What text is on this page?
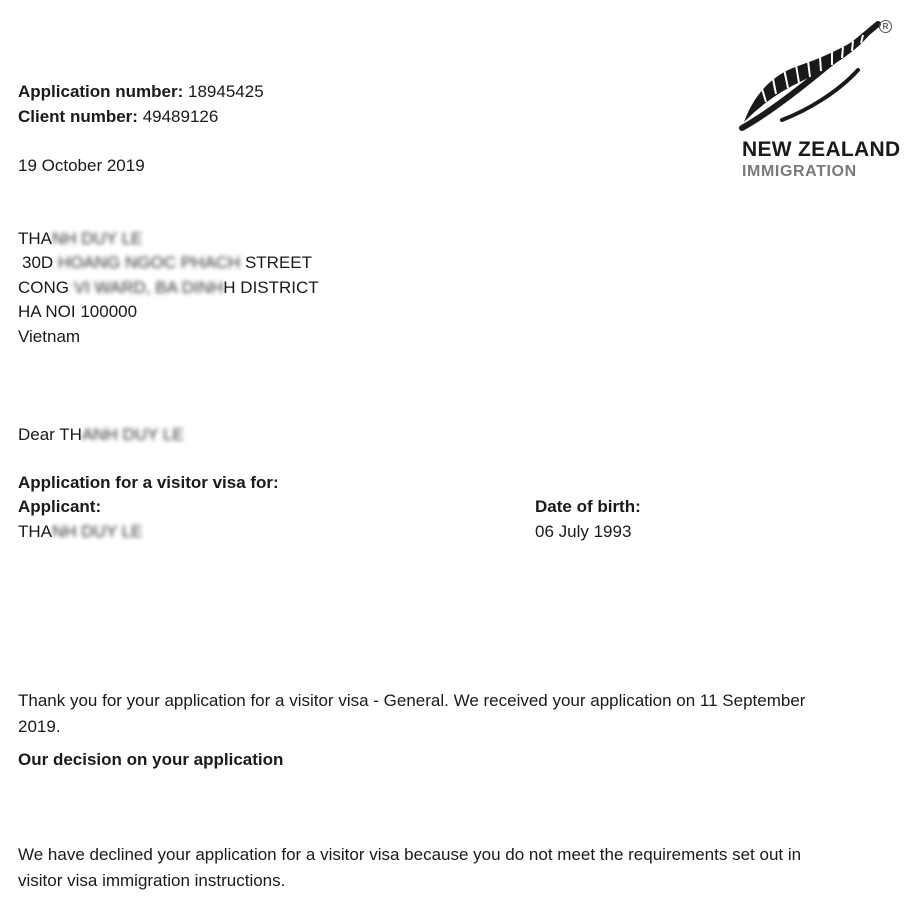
R
NEW ZEALAND
IMMIGRATION
Application number: 18945425
Client number: 49489126
19 October 2019
THANH DUY LE
30D HOANG NGOC PHACH STREET
CONG VI WARD, BA DINHH DISTRICT
HA NOI 100000
Vietnam
Dear THANH DUY LE
Application for a visitor visa for:
Applicant:
THANH DUY LE
Date of birth:
06 July 1993
Thank you for your application for a visitor visa - General. We received your application on 11 September 2019.
Our decision on your application
We have declined your application for a visitor visa because you do not meet the requirements set out in visitor visa immigration instructions.
